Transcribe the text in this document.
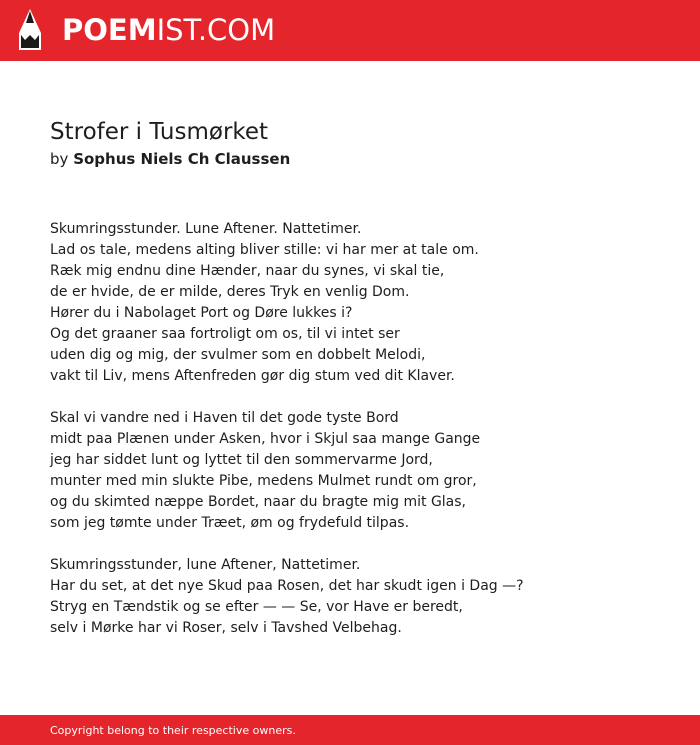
POEMIST.COM
Strofer i Tusmørket
by Sophus Niels Ch Claussen
Skumringsstunder. Lune Aftener. Nattetimer.
Lad os tale, medens alting bliver stille: vi har mer at tale om.
Ræk mig endnu dine Hænder, naar du synes, vi skal tie,
de er hvide, de er milde, deres Tryk en venlig Dom.
Hører du i Nabolaget Port og Døre lukkes i?
Og det graaner saa fortroligt om os, til vi intet ser
uden dig og mig, der svulmer som en dobbelt Melodi,
vakt til Liv, mens Aftenfreden gør dig stum ved dit Klaver.
Skal vi vandre ned i Haven til det gode tyste Bord
midt paa Plænen under Asken, hvor i Skjul saa mange Gange
jeg har siddet lunt og lyttet til den sommervarme Jord,
munter med min slukte Pibe, medens Mulmet rundt om gror,
og du skimted næppe Bordet, naar du bragte mig mit Glas,
som jeg tømte under Træet, øm og frydefuld tilpas.
Skumringsstunder, lune Aftener, Nattetimer.
Har du set, at det nye Skud paa Rosen, det har skudt igen i Dag —?
Stryg en Tændstik og se efter — — Se, vor Have er beredt,
selv i Mørke har vi Roser, selv i Tavshed Velbehag.
Copyright belong to their respective owners.
